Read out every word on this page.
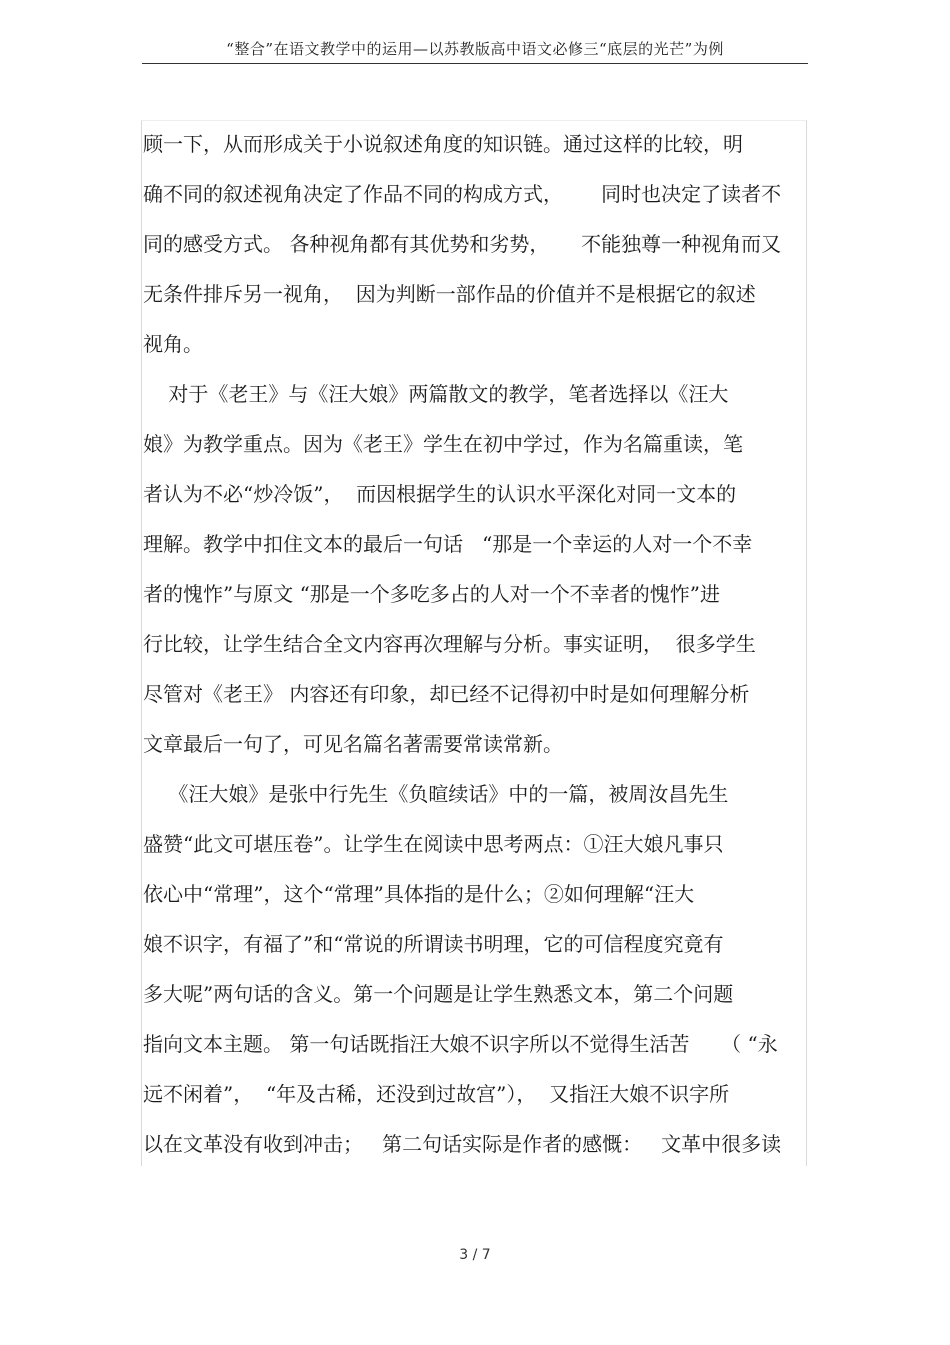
“整合”在语文教学中的运用—以苏教版高中语文必修三“底层的光芒”为例
顾一下，从而形成关于小说叙述角度的知识链。通过这样的比较，明
确不同的叙述视角决定了作品不同的构成方式，      同时也决定了读者不
同的感受方式。 各种视角都有其优势和劣势，     不能独尊一种视角而又
无条件排斥另一视角，  因为判断一部作品的价值并不是根据它的叙述
视角。
对于《老王》与《汪大娘》两篇散文的教学，笔者选择以《汪大
娘》为教学重点。因为《老王》学生在初中学过，作为名篇重读，笔
者认为不必“炒冷饭”，  而因根据学生的认识水平深化对同一文本的
理解。教学中扣住文本的最后一句话   “那是一个幸运的人对一个不幸
者的愧怍”与原文 “那是一个多吃多占的人对一个不幸者的愧怍”进
行比较，让学生结合全文内容再次理解与分析。事实证明，  很多学生
尽管对《老王》 内容还有印象，却已经不记得初中时是如何理解分析
文章最后一句了，可见名篇名著需要常读常新。
《汪大娘》是张中行先生《负暄续话》中的一篇，被周汝昌先生
盛赞“此文可堪压卷”。让学生在阅读中思考两点：①汪大娘凡事只
依心中“常理”，这个“常理”具体指的是什么；②如何理解“汪大
娘不识字，有福了”和“常说的所谓读书明理，它的可信程度究竟有
多大呢”两句话的含义。第一个问题是让学生熟悉文本，第二个问题
指向文本主题。 第一句话既指汪大娘不识字所以不觉得生活苦     （ “永
远不闲着”，  “年及古稀，还没到过故宫”），  又指汪大娘不识字所
以在文革没有收到冲击；   第二句话实际是作者的感慨：   文革中很多读
3 / 7
